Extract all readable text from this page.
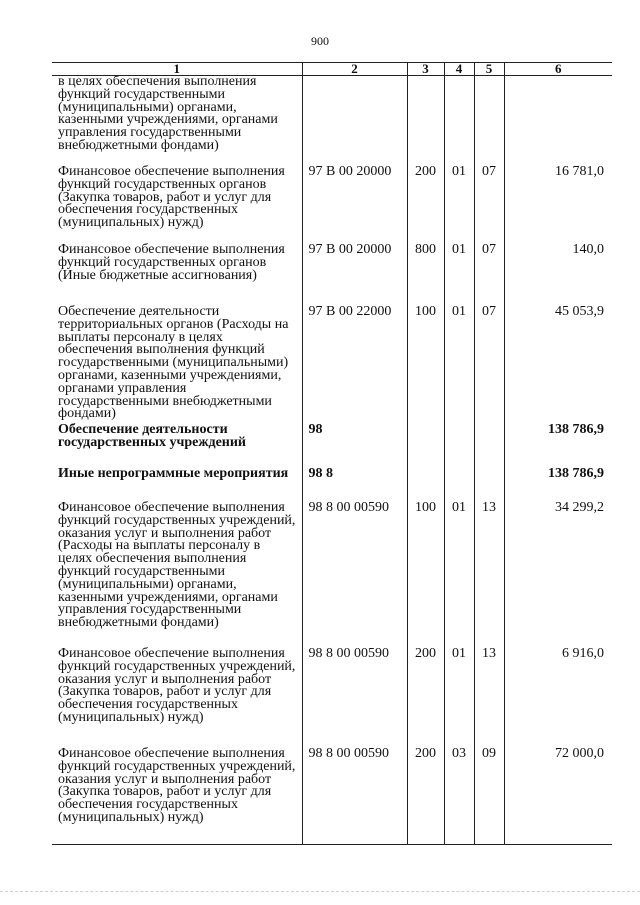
900
1	2	3	4	5	6
в целях обеспечения выполнения функций государственными (муниципальными) органами, казенными учреждениями, органами управления государственными внебюджетными фондами)					
Финансовое обеспечение выполнения функций государственных органов (Закупка товаров, работ и услуг для обеспечения государственных (муниципальных) нужд)	97 В 00 20000	200	01	07	16 781,0
Финансовое обеспечение выполнения функций государственных органов (Иные бюджетные ассигнования)	97 В 00 20000	800	01	07	140,0
Обеспечение деятельности территориальных органов (Расходы на выплаты персоналу в целях обеспечения выполнения функций государственными (муниципальными) органами, казенными учреждениями, органами управления государственными внебюджетными фондами)	97 В 00 22000	100	01	07	45 053,9
Обеспечение деятельности государственных учреждений	98				138 786,9
Иные непрограммные мероприятия	98 8				138 786,9
Финансовое обеспечение выполнения функций государственных учреждений, оказания услуг и выполнения работ (Расходы на выплаты персоналу в целях обеспечения выполнения функций государственными (муниципальными) органами, казенными учреждениями, органами управления государственными внебюджетными фондами)	98 8 00 00590	100	01	13	34 299,2
Финансовое обеспечение выполнения функций государственных учреждений, оказания услуг и выполнения работ (Закупка товаров, работ и услуг для обеспечения государственных (муниципальных) нужд)	98 8 00 00590	200	01	13	6 916,0
Финансовое обеспечение выполнения функций государственных учреждений, оказания услуг и выполнения работ (Закупка товаров, работ и услуг для обеспечения государственных (муниципальных) нужд)	98 8 00 00590	200	03	09	72 000,0
